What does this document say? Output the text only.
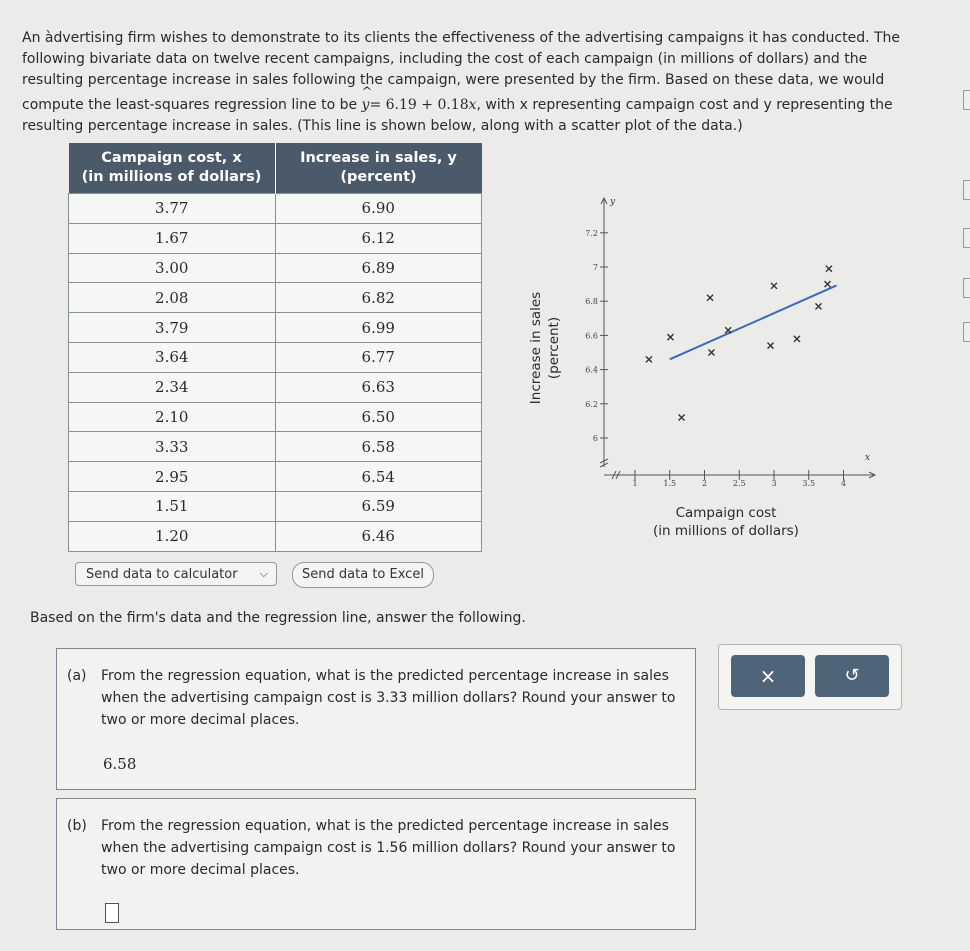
An àdvertising firm wishes to demonstrate to its clients the effectiveness of the advertising campaigns it has conducted. The
following bivariate data on twelve recent campaigns, including the cost of each campaign (in millions of dollars) and the
resulting percentage increase in sales following the campaign, were presented by the firm. Based on these data, we would
compute the least-squares regression line to be ^ y= 6.19 + 0.18x, with x representing campaign cost and y representing the
resulting percentage increase in sales. (This line is shown below, along with a scatter plot of the data.)
Campaign cost, x
(in millions of dollars)	Increase in sales, y
(percent)
3.77	6.90
1.67	6.12
3.00	6.89
2.08	6.82
3.79	6.99
3.64	6.77
2.34	6.63
2.10	6.50
3.33	6.58
2.95	6.54
1.51	6.59
1.20	6.46
Send data to calculator ⌵	Send data to Excel
Increase in sales (percent)
y
x
6
6.2
6.4
6.6
6.8
7
7.2
1	1.5	2	2.5	3	3.5	4
Campaign cost
(in millions of dollars)
Based on the firm's data and the regression line, answer the following.
(a) From the regression equation, what is the predicted percentage increase in sales
when the advertising campaign cost is 3.33 million dollars? Round your answer to
two or more decimal places.
6.58
(b) From the regression equation, what is the predicted percentage increase in sales
when the advertising campaign cost is 1.56 million dollars? Round your answer to
two or more decimal places.
×	↺
